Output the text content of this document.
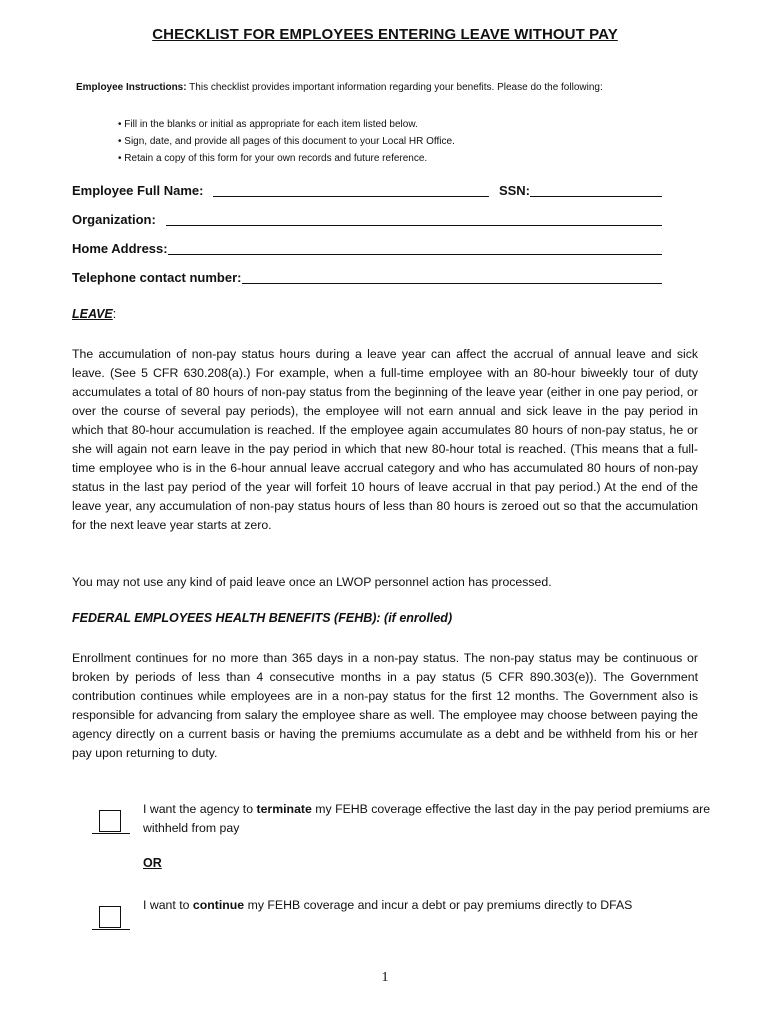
CHECKLIST FOR EMPLOYEES ENTERING LEAVE WITHOUT PAY
Employee Instructions: This checklist provides important information regarding your benefits. Please do the following:
• Fill in the blanks or initial as appropriate for each item listed below.
• Sign, date, and provide all pages of this document to your Local HR Office.
• Retain a copy of this form for your own records and future reference.
Employee Full Name:	SSN:
Organization:
Home Address:
Telephone contact number:
LEAVE:

The accumulation of non-pay status hours during a leave year can affect the accrual of annual leave and sick leave. (See 5 CFR 630.208(a).) For example, when a full-time employee with an 80-hour biweekly tour of duty accumulates a total of 80 hours of non-pay status from the beginning of the leave year (either in one pay period, or over the course of several pay periods), the employee will not earn annual and sick leave in the pay period in which that 80-hour accumulation is reached. If the employee again accumulates 80 hours of non-pay status, he or she will again not earn leave in the pay period in which that new 80-hour total is reached. (This means that a full-time employee who is in the 6-hour annual leave accrual category and who has accumulated 80 hours of non-pay status in the last pay period of the year will forfeit 10 hours of leave accrual in that pay period.) At the end of the leave year, any accumulation of non-pay status hours of less than 80 hours is zeroed out so that the accumulation for the next leave year starts at zero.

You may not use any kind of paid leave once an LWOP personnel action has processed.

FEDERAL EMPLOYEES HEALTH BENEFITS (FEHB): (if enrolled)

Enrollment continues for no more than 365 days in a non-pay status. The non-pay status may be continuous or broken by periods of less than 4 consecutive months in a pay status (5 CFR 890.303(e)). The Government contribution continues while employees are in a non-pay status for the first 12 months. The Government also is responsible for advancing from salary the employee share as well. The employee may choose between paying the agency directly on a current basis or having the premiums accumulate as a debt and be withheld from his or her pay upon returning to duty.

I want the agency to terminate my FEHB coverage effective the last day in the pay period premiums are withheld from pay

OR

I want to continue my FEHB coverage and incur a debt or pay premiums directly to DFAS

1
